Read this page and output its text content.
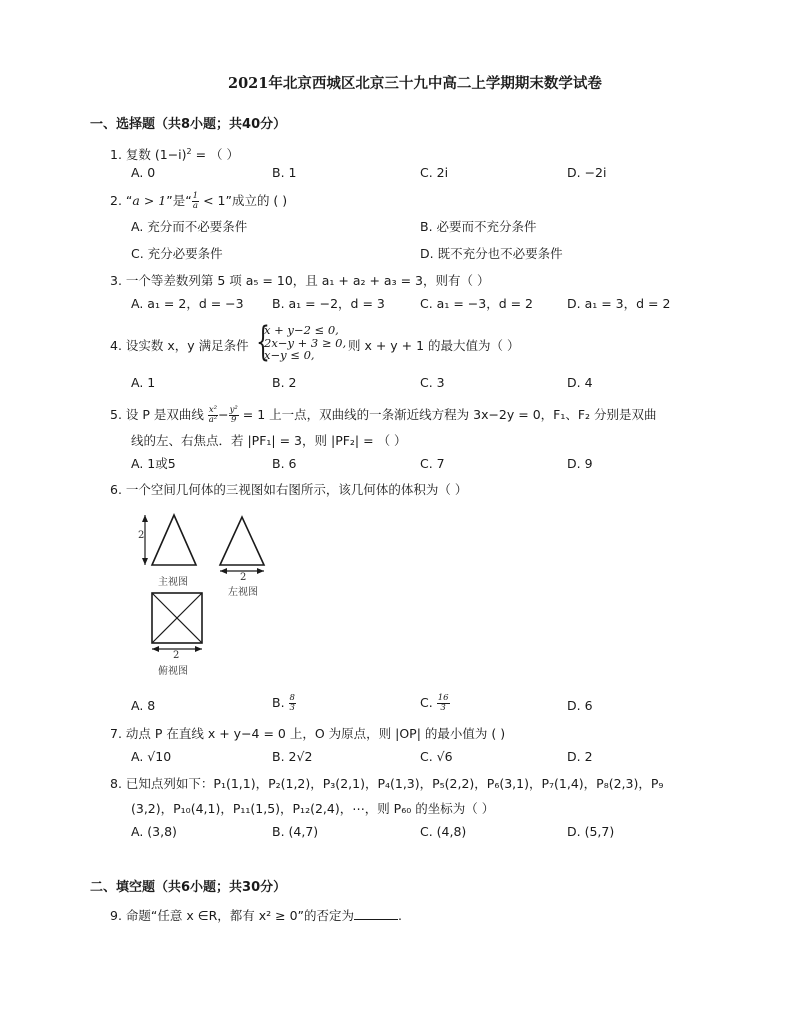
2021年北京西城区北京三十九中高二上学期期末数学试卷
一、选择题（共8小题；共40分）
1. 复数 $(1-i)^2$ = （ ）
A. 0	B. 1	C. 2i	D. −2i
2. “a > 1”是“ $\frac{1}{a} < 1$”成立的 ( )
A. 充分而不必要条件	B. 必要而不充分条件
C. 充分必要条件	D. 既不充分也不必要条件
3. 一个等差数列第 5 项 a₅ = 10，且 a₁ + a₂ + a₃ = 3，则有（ ）
A. a₁ = 2，d = −3 B. a₁ = −2，d = 3	C. a₁ = −3，d = 2	D. a₁ = 3，d = 2
4. 设实数 x，y 满足条件 {
x + y−2 ≤ 0,
2x−y + 3 ≥ 0,
x−y ≤ 0,
则 x + y + 1 的最大值为（ ）
A. 1	B. 2	C. 3	D. 4
5. 设 P 是双曲线 $\frac{\text{x²}}{\text{a²}} - \frac{\text{y²}}{9} = 1$ 上一点，双曲线的一条渐近线方程为 3x−2y = 0，F₁、F₂ 分别是双曲
线的左、右焦点．若 |PF₁| = 3，则 |PF₂| = （ ）
A. 1或5	B. 6	C. 7	D. 9
6. 一个空间几何体的三视图如右图所示，该几何体的体积为（ ）
2
主视图	2
左视图
2
俯视图
A. 8	B. $\frac{8}{3}$	C. $\frac{16}{3}$	D. 6
7. 动点 P 在直线 x + y−4 = 0 上，O 为原点，则 |OP| 的最小值为 ( )
A. √10	B. 2√2	C. √6	D. 2
8. 已知点列如下：P₁(1,1)，P₂(1,2)，P₃(2,1)，P₄(1,3)，P₅(2,2)，P₆(3,1)，P₇(1,4)，P₈(2,3)，P₉
(3,2)，P₁₀(4,1)，P₁₁(1,5)，P₁₂(2,4)，⋯，则 P₆₀ 的坐标为（ ）
A. (3,8)	B. (4,7)	C. (4,8)	D. (5,7)
二、填空题（共6小题；共30分）
9. 命题“任意 x ∈R，都有 x² ≥ 0”的否定为	.
